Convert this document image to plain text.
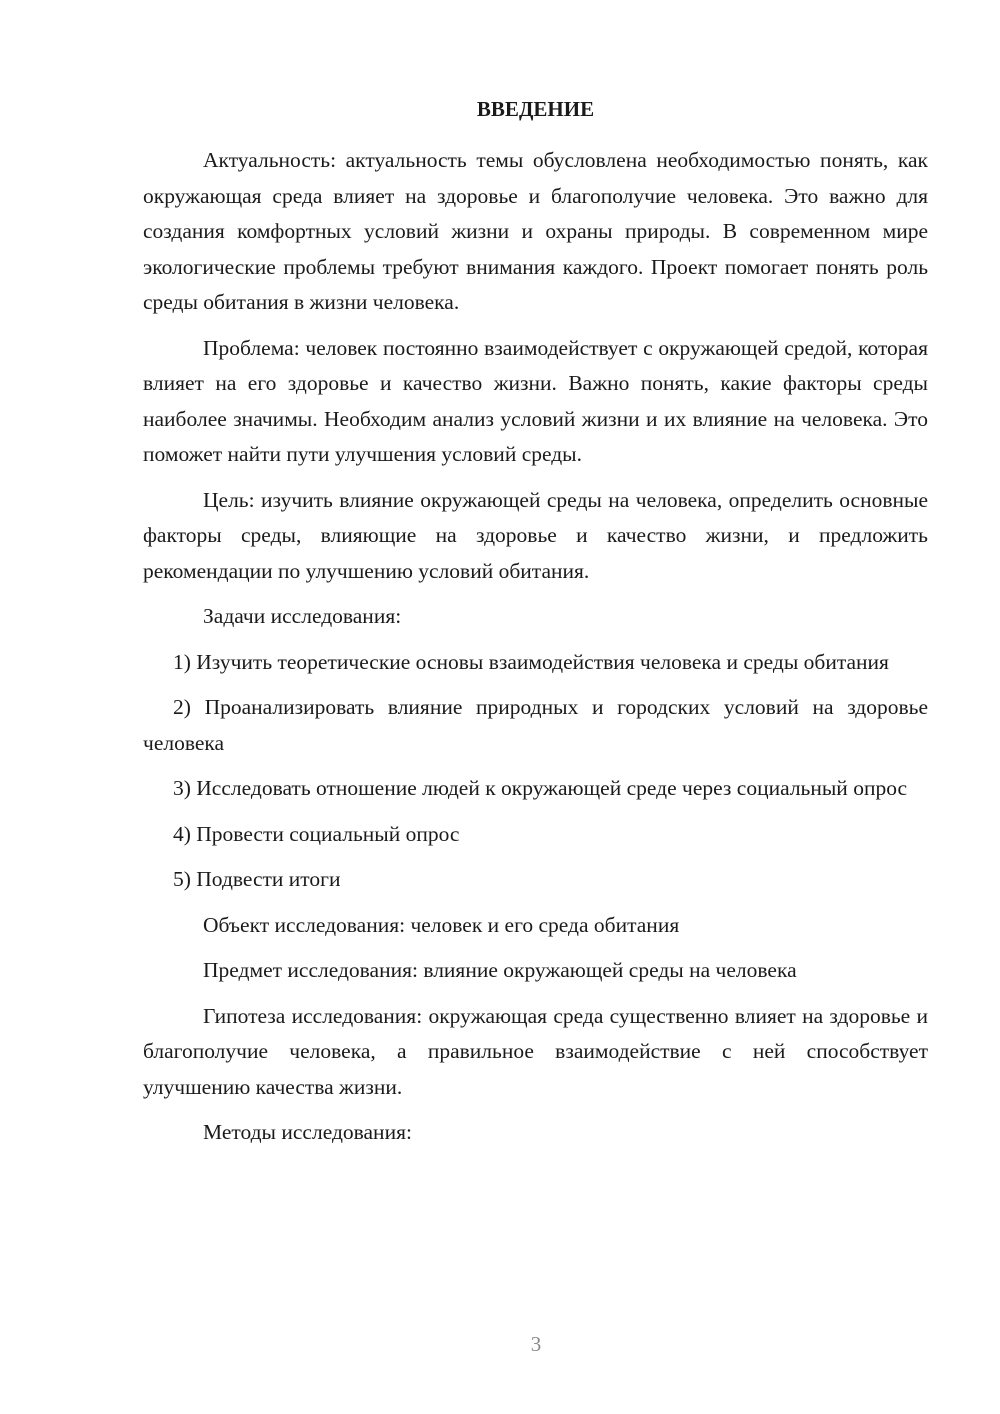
ВВЕДЕНИЕ

Актуальность: актуальность темы обусловлена необходимостью понять, как окружающая среда влияет на здоровье и благополучие человека. Это важно для создания комфортных условий жизни и охраны природы. В современном мире экологические проблемы требуют внимания каждого. Проект помогает понять роль среды обитания в жизни человека.

Проблема: человек постоянно взаимодействует с окружающей средой, которая влияет на его здоровье и качество жизни. Важно понять, какие факторы среды наиболее значимы. Необходим анализ условий жизни и их влияние на человека. Это поможет найти пути улучшения условий среды.

Цель: изучить влияние окружающей среды на человека, определить основные факторы среды, влияющие на здоровье и качество жизни, и предложить рекомендации по улучшению условий обитания.

Задачи исследования:

1) Изучить теоретические основы взаимодействия человека и среды обитания

2) Проанализировать влияние природных и городских условий на здоровье человека

3) Исследовать отношение людей к окружающей среде через социальный опрос

4) Провести социальный опрос

5) Подвести итоги

Объект исследования: человек и его среда обитания

Предмет исследования: влияние окружающей среды на человека

Гипотеза исследования: окружающая среда существенно влияет на здоровье и благополучие человека, а правильное взаимодействие с ней способствует улучшению качества жизни.

Методы исследования:

3
